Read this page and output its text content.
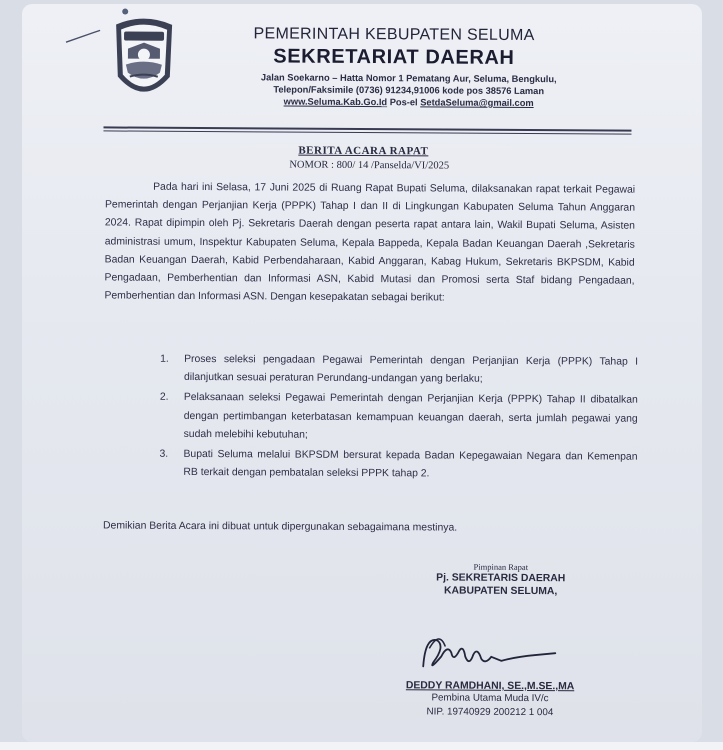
PEMERINTAH KEBUPATEN SELUMA
SEKRETARIAT DAERAH
Jalan Soekarno – Hatta Nomor 1 Pematang Aur, Seluma, Bengkulu,
Telepon/Faksimile (0736) 91234,91006 kode pos 38576 Laman
www.Seluma.Kab.Go.Id Pos-el SetdaSeluma@gmail.com
BERITA ACARA RAPAT
NOMOR : 800/ 14 /Panselda/VI/2025

Pada hari ini Selasa, 17 Juni 2025 di Ruang Rapat Bupati Seluma, dilaksanakan rapat terkait Pegawai Pemerintah dengan Perjanjian Kerja (PPPK) Tahap I dan II di Lingkungan Kabupaten Seluma Tahun Anggaran 2024. Rapat dipimpin oleh Pj. Sekretaris Daerah dengan peserta rapat antara lain, Wakil Bupati Seluma, Asisten administrasi umum, Inspektur Kabupaten Seluma, Kepala Bappeda, Kepala Badan Keuangan Daerah ,Sekretaris Badan Keuangan Daerah, Kabid Perbendaharaan, Kabid Anggaran, Kabag Hukum, Sekretaris BKPSDM, Kabid Pengadaan, Pemberhentian dan Informasi ASN, Kabid Mutasi dan Promosi serta Staf bidang Pengadaan, Pemberhentian dan Informasi ASN. Dengan kesepakatan sebagai berikut:

1. Proses seleksi pengadaan Pegawai Pemerintah dengan Perjanjian Kerja (PPPK) Tahap I dilanjutkan sesuai peraturan Perundang-undangan yang berlaku;
2. Pelaksanaan seleksi Pegawai Pemerintah dengan Perjanjian Kerja (PPPK) Tahap II dibatalkan dengan pertimbangan keterbatasan kemampuan keuangan daerah, serta jumlah pegawai yang sudah melebihi kebutuhan;
3. Bupati Seluma melalui BKPSDM bersurat kepada Badan Kepegawaian Negara dan Kemenpan RB terkait dengan pembatalan seleksi PPPK tahap 2.
Demikian Berita Acara ini dibuat untuk dipergunakan sebagaimana mestinya.
Pimpinan Rapat
Pj. SEKRETARIS DAERAH
KABUPATEN SELUMA,
DEDDY RAMDHANI, SE.,M.SE.,MA
Pembina Utama Muda IV/c
NIP. 19740929 200212 1 004
